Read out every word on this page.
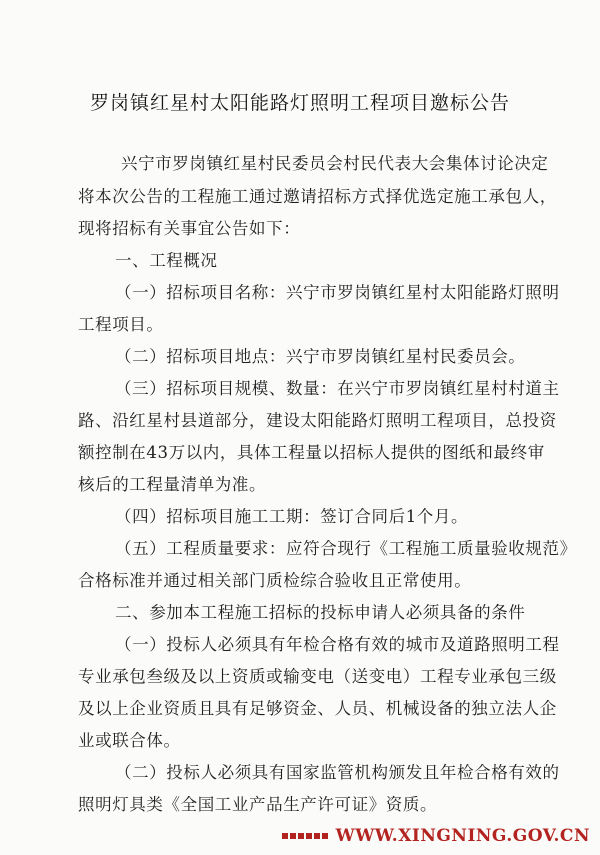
罗岗镇红星村太阳能路灯照明工程项目邀标公告
兴宁市罗岗镇红星村民委员会村民代表大会集体讨论决定
将本次公告的工程施工通过邀请招标方式择优选定施工承包人，
现将招标有关事宜公告如下：
一、工程概况
（一）招标项目名称：兴宁市罗岗镇红星村太阳能路灯照明
工程项目。
（二）招标项目地点：兴宁市罗岗镇红星村民委员会。
（三）招标项目规模、数量：在兴宁市罗岗镇红星村村道主
路、沿红星村县道部分，建设太阳能路灯照明工程项目，总投资
额控制在43万以内，具体工程量以招标人提供的图纸和最终审
核后的工程量清单为准。
（四）招标项目施工工期：签订合同后1个月。
（五）工程质量要求：应符合现行《工程施工质量验收规范》
合格标准并通过相关部门质检综合验收且正常使用。
二、参加本工程施工招标的投标申请人必须具备的条件
（一）投标人必须具有年检合格有效的城市及道路照明工程
专业承包叁级及以上资质或输变电（送变电）工程专业承包三级
及以上企业资质且具有足够资金、人员、机械设备的独立法人企
业或联合体。
（二）投标人必须具有国家监管机构颁发且年检合格有效的
照明灯具类《全国工业产品生产许可证》资质。
WWW.XINGNING.GOV.CN
